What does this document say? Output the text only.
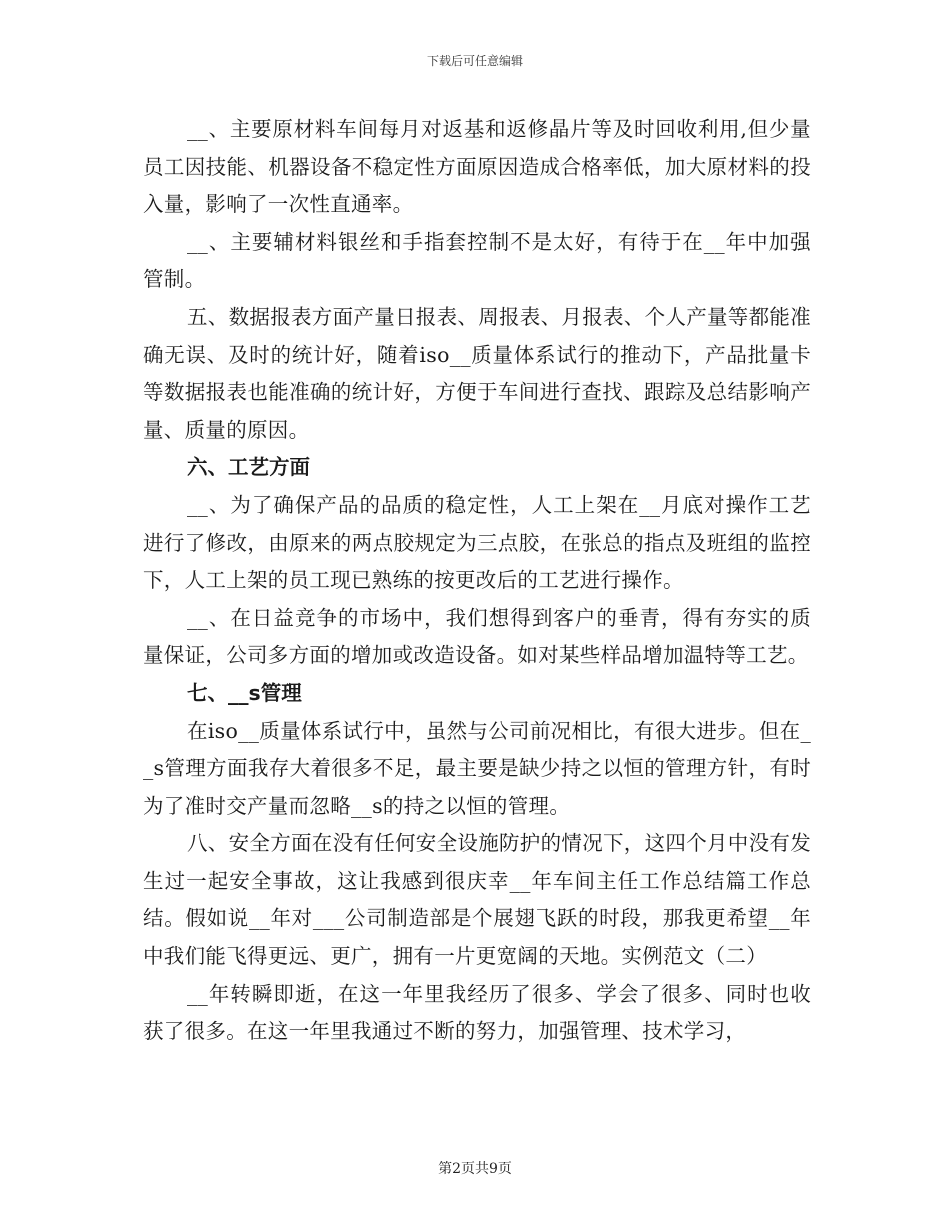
下载后可任意编辑

__、主要原材料车间每月对返基和返修晶片等及时回收利用,但少量员工因技能、机器设备不稳定性方面原因造成合格率低，加大原材料的投入量，影响了一次性直通率。

__、主要辅材料银丝和手指套控制不是太好，有待于在__年中加强管制。

五、数据报表方面产量日报表、周报表、月报表、个人产量等都能准确无误、及时的统计好，随着iso__质量体系试行的推动下，产品批量卡等数据报表也能准确的统计好，方便于车间进行查找、跟踪及总结影响产量、质量的原因。

六、工艺方面

__、为了确保产品的品质的稳定性，人工上架在__月底对操作工艺进行了修改，由原来的两点胶规定为三点胶，在张总的指点及班组的监控下，人工上架的员工现已熟练的按更改后的工艺进行操作。

__、在日益竞争的市场中，我们想得到客户的垂青，得有夯实的质量保证，公司多方面的增加或改造设备。如对某些样品增加温特等工艺。

七、__s管理

在iso__质量体系试行中，虽然与公司前况相比，有很大进步。但在__s管理方面我存大着很多不足，最主要是缺少持之以恒的管理方针，有时为了准时交产量而忽略__s的持之以恒的管理。

八、安全方面在没有任何安全设施防护的情况下，这四个月中没有发生过一起安全事故，这让我感到很庆幸__年车间主任工作总结篇工作总结。假如说__年对___公司制造部是个展翅飞跃的时段，那我更希望__年中我们能飞得更远、更广，拥有一片更宽阔的天地。实例范文（二）

__年转瞬即逝，在这一年里我经历了很多、学会了很多、同时也收获了很多。在这一年里我通过不断的努力，加强管理、技术学习，

第2页共9页
